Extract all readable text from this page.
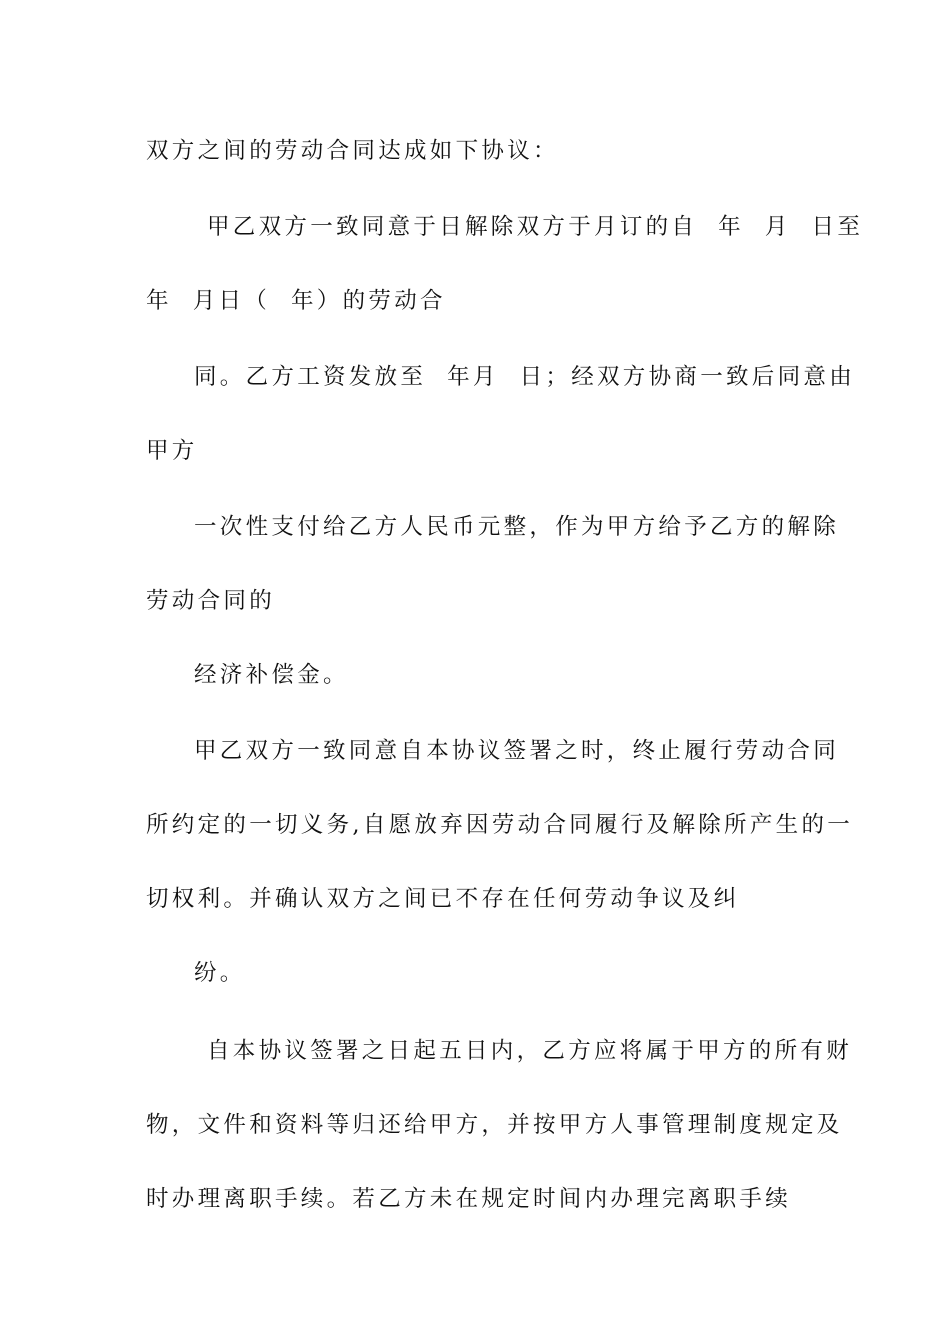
双方之间的劳动合同达成如下协议：
甲乙双方一致同意于日解除双方于月订的自  年  月  日至
年  月日（  年）的劳动合
同。乙方工资发放至  年月  日；经双方协商一致后同意由
甲方
一次性支付给乙方人民币元整，作为甲方给予乙方的解除
劳动合同的
经济补偿金。
甲乙双方一致同意自本协议签署之时，终止履行劳动合同
所约定的一切义务,自愿放弃因劳动合同履行及解除所产生的一
切权利。并确认双方之间已不存在任何劳动争议及纠
纷。
自本协议签署之日起五日内，乙方应将属于甲方的所有财
物，文件和资料等归还给甲方，并按甲方人事管理制度规定及
时办理离职手续。若乙方未在规定时间内办理完离职手续
